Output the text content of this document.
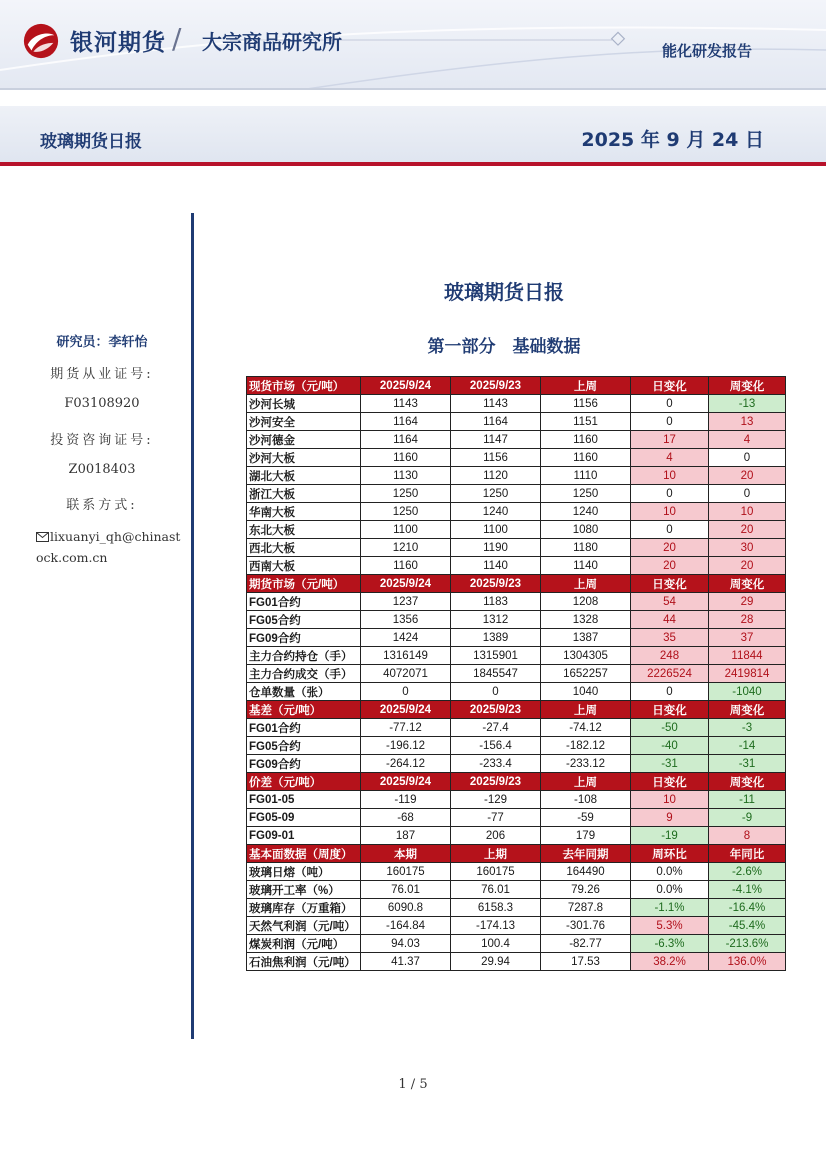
银河期货 / 大宗商品研究所	能化研发报告
玻璃期货日报	2025 年 9 月 24 日
研究员：李轩怡
期货从业证号:
F03108920
投资咨询证号:
Z0018403
联系方式:
lixuanyi_qh@chinastock.com.cn
玻璃期货日报
第一部分　基础数据
现货市场（元/吨）	2025/9/24	2025/9/23	上周	日变化	周变化
沙河长城	1143	1143	1156	0	-13
沙河安全	1164	1164	1151	0	13
沙河德金	1164	1147	1160	17	4
沙河大板	1160	1156	1160	4	0
湖北大板	1130	1120	1110	10	20
浙江大板	1250	1250	1250	0	0
华南大板	1250	1240	1240	10	10
东北大板	1100	1100	1080	0	20
西北大板	1210	1190	1180	20	30
西南大板	1160	1140	1140	20	20
期货市场（元/吨）	2025/9/24	2025/9/23	上周	日变化	周变化
FG01合约	1237	1183	1208	54	29
FG05合约	1356	1312	1328	44	28
FG09合约	1424	1389	1387	35	37
主力合约持仓（手）	1316149	1315901	1304305	248	11844
主力合约成交（手）	4072071	1845547	1652257	2226524	2419814
仓单数量（张）	0	0	1040	0	-1040
基差（元/吨）	2025/9/24	2025/9/23	上周	日变化	周变化
FG01合约	-77.12	-27.4	-74.12	-50	-3
FG05合约	-196.12	-156.4	-182.12	-40	-14
FG09合约	-264.12	-233.4	-233.12	-31	-31
价差（元/吨）	2025/9/24	2025/9/23	上周	日变化	周变化
FG01-05	-119	-129	-108	10	-11
FG05-09	-68	-77	-59	9	-9
FG09-01	187	206	179	-19	8
基本面数据（周度）	本期	上期	去年同期	周环比	年同比
玻璃日熔（吨）	160175	160175	164490	0.0%	-2.6%
玻璃开工率（%）	76.01	76.01	79.26	0.0%	-4.1%
玻璃库存（万重箱）	6090.8	6158.3	7287.8	-1.1%	-16.4%
天然气利润（元/吨）	-164.84	-174.13	-301.76	5.3%	-45.4%
煤炭利润（元/吨）	94.03	100.4	-82.77	-6.3%	-213.6%
石油焦利润（元/吨）	41.37	29.94	17.53	38.2%	136.0%
1 / 5
